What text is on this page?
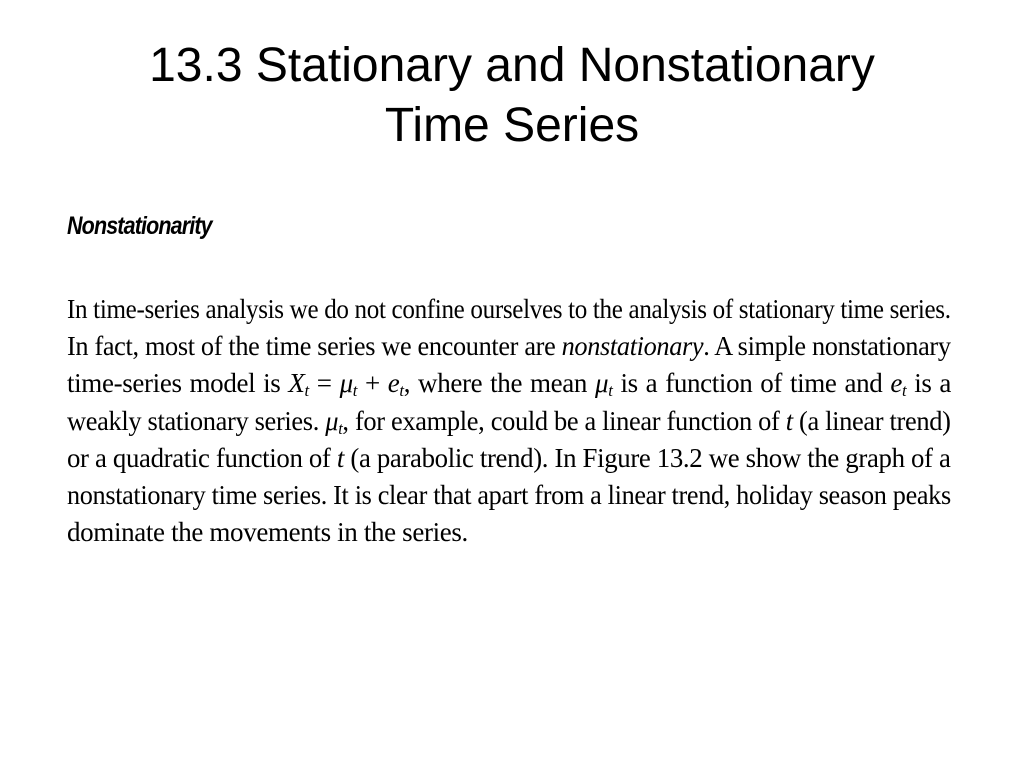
13.3 Stationary and Nonstationary
Time Series
Nonstationarity
In time-series analysis we do not confine ourselves to the analysis of stationary time series.
In fact, most of the time series we encounter are nonstationary. A simple nonstationary
time-series model is $X_t = \mu_t + e_t$, where the mean $\mu_t$ is a function of time and $e_t$ is a
weakly stationary series. $\mu_t$, for example, could be a linear function of t (a linear trend)
or a quadratic function of t (a parabolic trend). In Figure 13.2 we show the graph of a
nonstationary time series. It is clear that apart from a linear trend, holiday season peaks
dominate the movements in the series.
